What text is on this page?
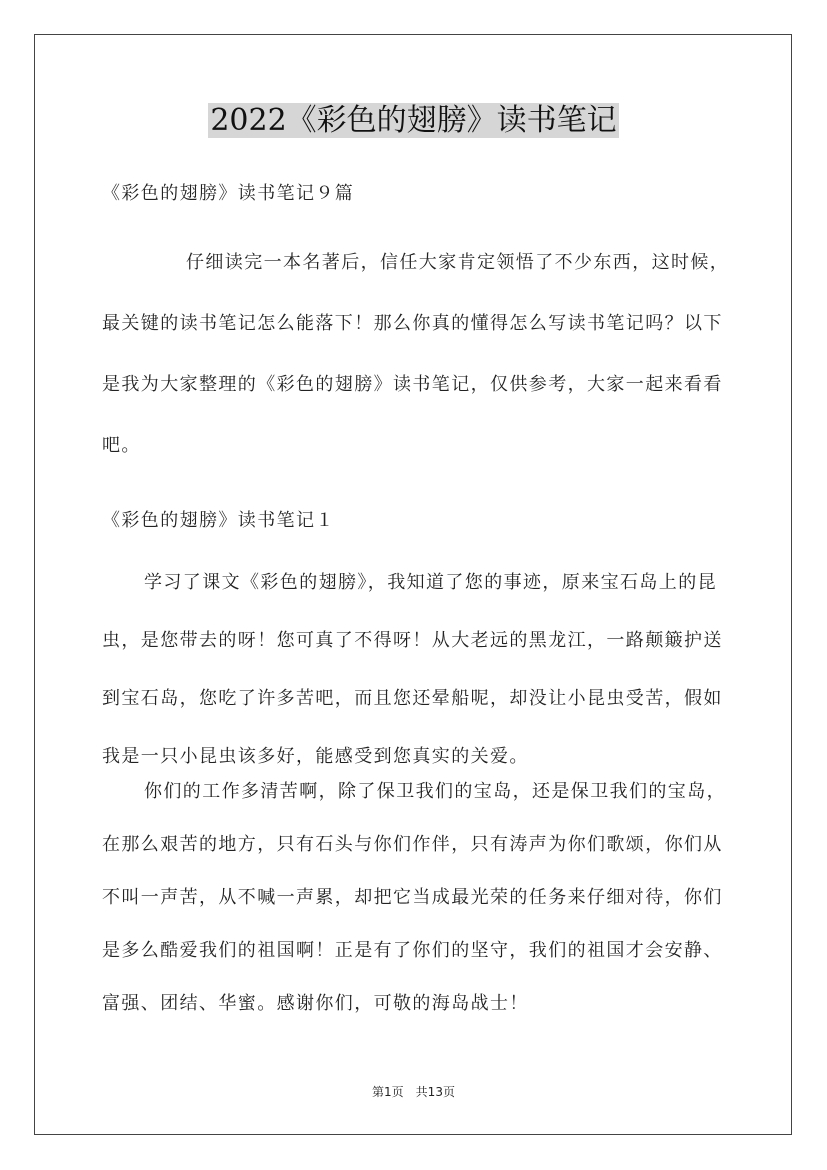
2022《彩色的翅膀》读书笔记
《彩色的翅膀》读书笔记９篇
仔细读完一本名著后，信任大家肯定领悟了不少东西，这时候，最关键的读书笔记怎么能落下！那么你真的懂得怎么写读书笔记吗？以下是我为大家整理的《彩色的翅膀》读书笔记，仅供参考，大家一起来看看吧。
《彩色的翅膀》读书笔记１
学习了课文《彩色的翅膀》，我知道了您的事迹，原来宝石岛上的昆虫，是您带去的呀！您可真了不得呀！从大老远的黑龙江，一路颠簸护送到宝石岛，您吃了许多苦吧，而且您还晕船呢，却没让小昆虫受苦，假如我是一只小昆虫该多好，能感受到您真实的关爱。
你们的工作多清苦啊，除了保卫我们的宝岛，还是保卫我们的宝岛，在那么艰苦的地方，只有石头与你们作伴，只有涛声为你们歌颂，你们从不叫一声苦，从不喊一声累，却把它当成最光荣的任务来仔细对待，你们是多么酷爱我们的祖国啊！正是有了你们的坚守，我们的祖国才会安静、富强、团结、华蜜。感谢你们，可敬的海岛战士！
第1页　共13页
